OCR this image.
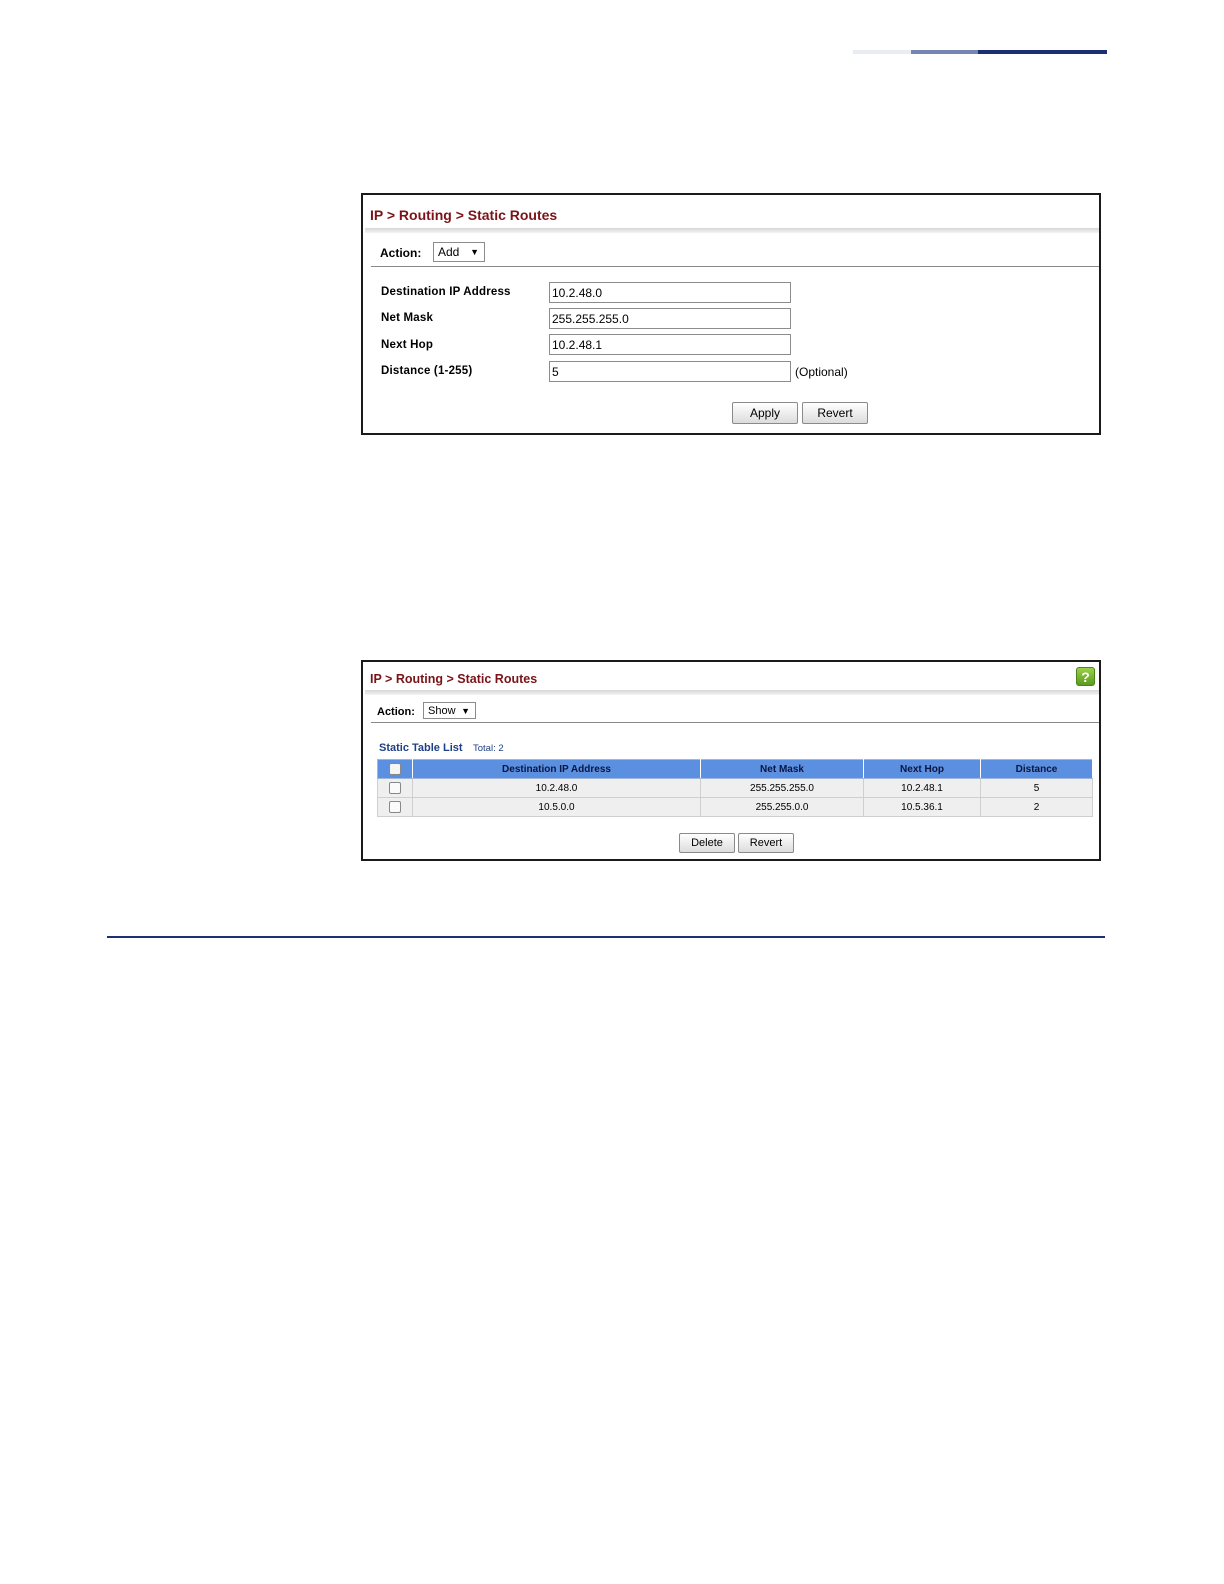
IP > Routing > Static Routes
Action: Add ▼
Destination IP Address
10.2.48.0
Net Mask
255.255.255.0
Next Hop
10.2.48.1
Distance (1-255)
5	(Optional)
Apply	Revert
IP > Routing > Static Routes	?
Action: Show ▼
Static Table List Total: 2
	Destination IP Address	Net Mask	Next Hop	Distance
	10.2.48.0	255.255.255.0	10.2.48.1	5
	10.5.0.0	255.255.0.0	10.5.36.1	2
Delete	Revert
